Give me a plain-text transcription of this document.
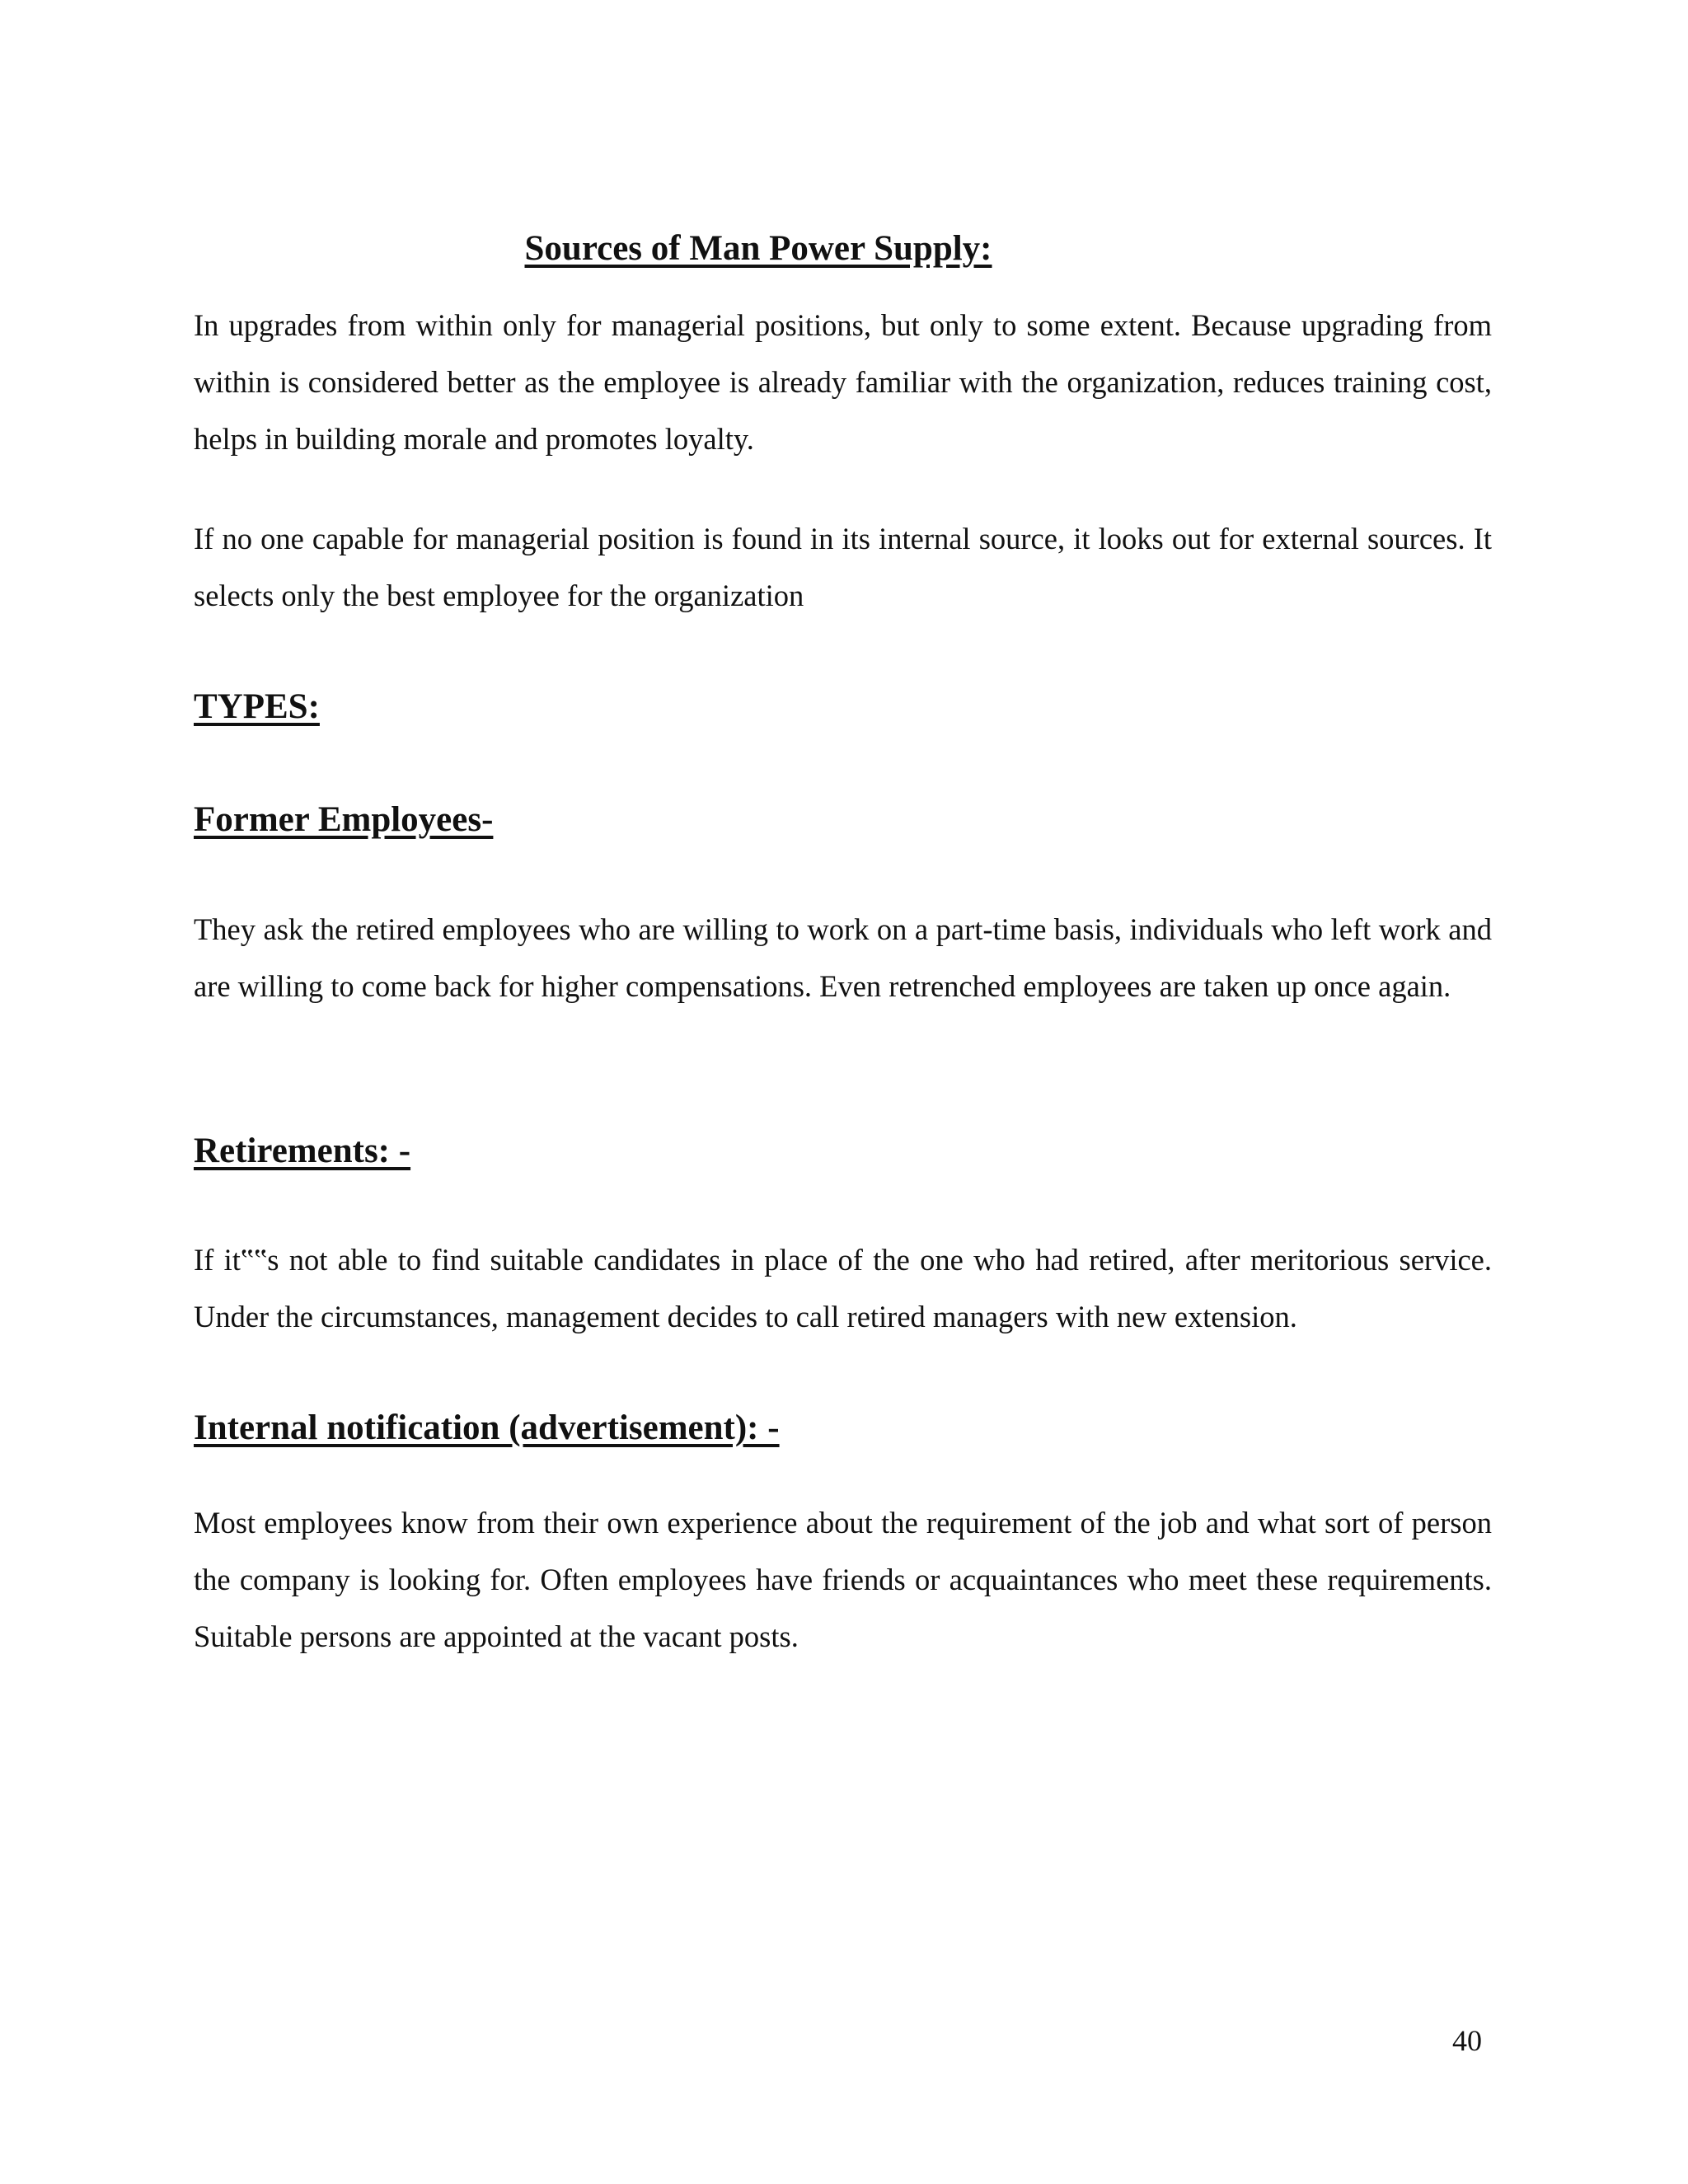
Sources of Man Power Supply:

In upgrades from within only for managerial positions, but only to some extent. Because upgrading from within is considered better as the employee is already familiar with the organization, reduces training cost, helps in building morale and promotes loyalty.

If no one capable for managerial position is found in its internal source, it looks out for external sources. It selects only the best employee for the organization

TYPES:
Former Employees-

They ask the retired employees who are willing to work on a part-time basis, individuals who left work and are willing to come back for higher compensations. Even retrenched employees are taken up once again.

Retirements: -

If it‟‟s not able to find suitable candidates in place of the one who had retired, after meritorious service. Under the circumstances, management decides to call retired managers with new extension.

Internal notification (advertisement): -

Most employees know from their own experience about the requirement of the job and what sort of person the company is looking for. Often employees have friends or acquaintances who meet these requirements. Suitable persons are appointed at the vacant posts.

40
